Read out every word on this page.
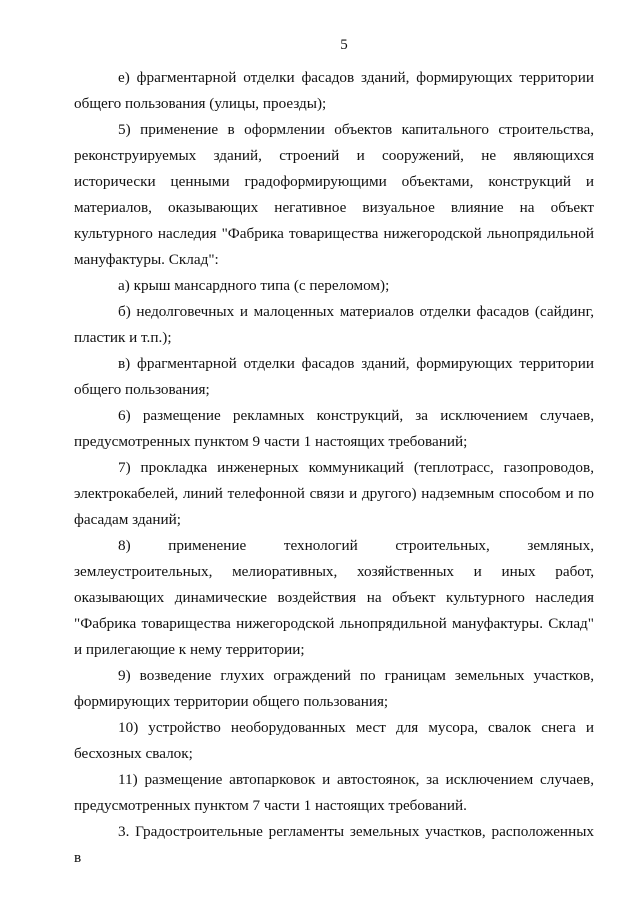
5

е) фрагментарной отделки фасадов зданий, формирующих территории общего пользования (улицы, проезды);

5) применение в оформлении объектов капитального строительства, реконструируемых зданий, строений и сооружений, не являющихся исторически ценными градоформирующими объектами, конструкций и материалов, оказывающих негативное визуальное влияние на объект культурного наследия "Фабрика товарищества нижегородской льнопрядильной мануфактуры. Склад":

а) крыш мансардного типа (с переломом);

б) недолговечных и малоценных материалов отделки фасадов (сайдинг, пластик и т.п.);

в) фрагментарной отделки фасадов зданий, формирующих территории общего пользования;

6) размещение рекламных конструкций, за исключением случаев, предусмотренных пунктом 9 части 1 настоящих требований;

7) прокладка инженерных коммуникаций (теплотрасс, газопроводов, электрокабелей, линий телефонной связи и другого) надземным способом и по фасадам зданий;

8) применение технологий строительных, земляных, землеустроительных, мелиоративных, хозяйственных и иных работ, оказывающих динамические воздействия на объект культурного наследия "Фабрика товарищества нижегородской льнопрядильной мануфактуры. Склад" и прилегающие к нему территории;

9) возведение глухих ограждений по границам земельных участков, формирующих территории общего пользования;

10) устройство необорудованных мест для мусора, свалок снега и бесхозных свалок;

11) размещение автопарковок и автостоянок, за исключением случаев, предусмотренных пунктом 7 части 1 настоящих требований.

3. Градостроительные регламенты земельных участков, расположенных в
